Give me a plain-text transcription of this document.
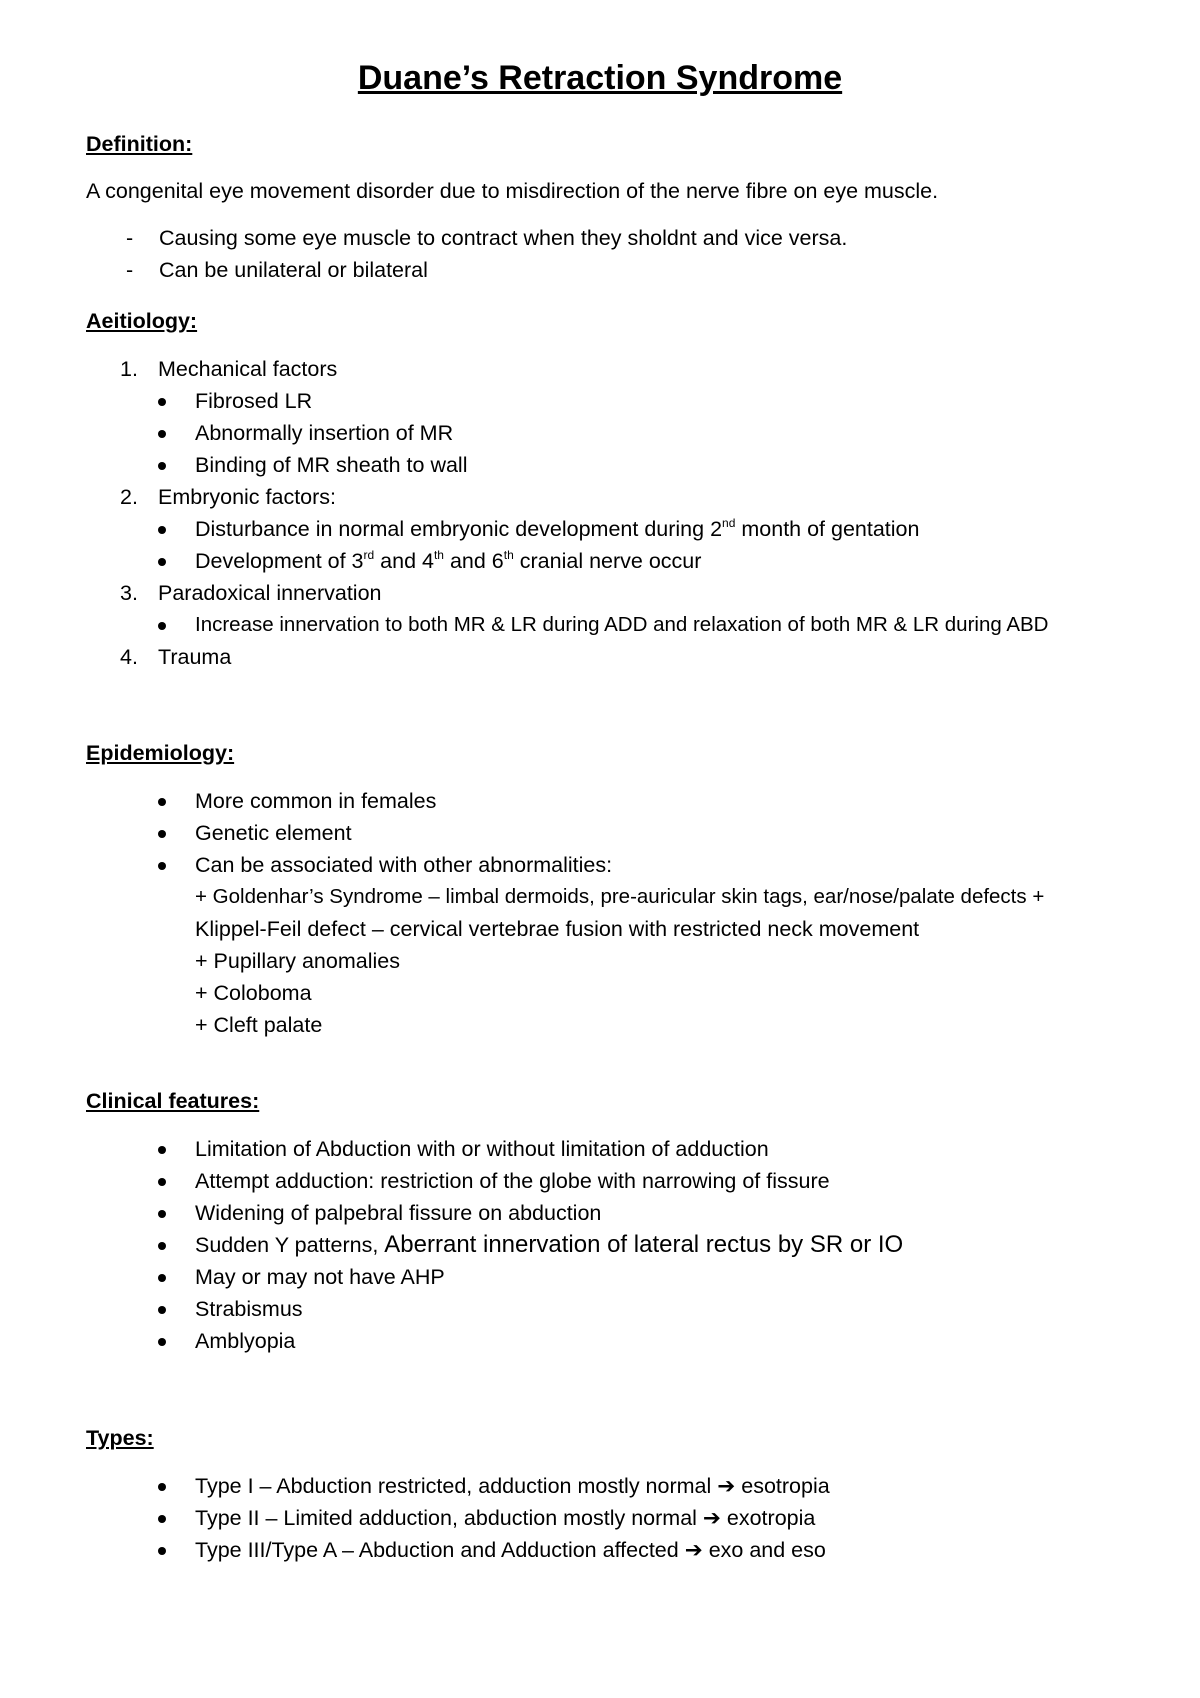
Duane’s Retraction Syndrome
Definition:
A congenital eye movement disorder due to misdirection of the nerve fibre on eye muscle.
- Causing some eye muscle to contract when they sholdnt and vice versa.
- Can be unilateral or bilateral
Aeitiology:
1. Mechanical factors
Fibrosed LR
Abnormally insertion of MR
Binding of MR sheath to wall
2. Embryonic factors:
Disturbance in normal embryonic development during 2nd month of gentation
Development of 3rd and 4th and 6th cranial nerve occur
3. Paradoxical innervation
Increase innervation to both MR & LR during ADD and relaxation of both MR & LR during ABD
4. Trauma
Epidemiology:
More common in females
Genetic element
Can be associated with other abnormalities:
+ Goldenhar’s Syndrome – limbal dermoids, pre-auricular skin tags, ear/nose/palate defects +
Klippel-Feil defect – cervical vertebrae fusion with restricted neck movement
+ Pupillary anomalies
+ Coloboma
+ Cleft palate
Clinical features:
Limitation of Abduction with or without limitation of adduction
Attempt adduction: restriction of the globe with narrowing of fissure
Widening of palpebral fissure on abduction
Sudden Y patterns, Aberrant innervation of lateral rectus by SR or IO
May or may not have AHP
Strabismus
Amblyopia
Types:
Type I – Abduction restricted, adduction mostly normal ➔ esotropia
Type II – Limited adduction, abduction mostly normal ➔ exotropia
Type III/Type A – Abduction and Adduction affected ➔ exo and eso
